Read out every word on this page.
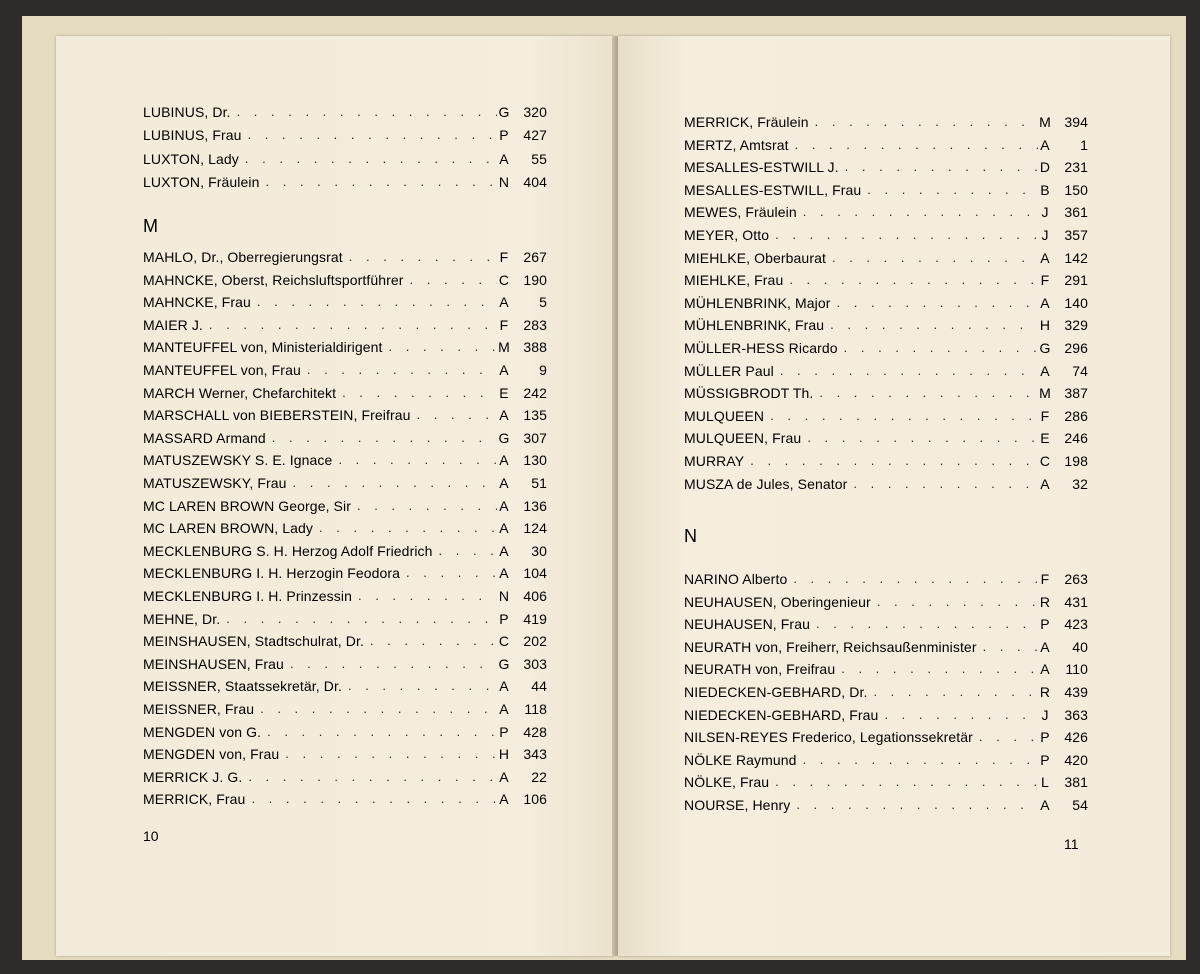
LUBINUS, Dr. . . .	G 320
LUBINUS, Frau . . .	P	427
LUXTON, Lady . . .	A	55
LUXTON, Fräulein . . .	N	404
M
MAHLO, Dr., Oberregierungsrat . . .	F	267
MAHNCKE, Oberst, Reichsluftsportführer . . .	C	190
MAHNCKE, Frau . . .	A	5
MAIER J. . . .	F	283
MANTEUFFEL von, Ministerialdirigent . . .	M 388
MANTEUFFEL von, Frau . . .	A	9
MARCH Werner, Chefarchitekt . . .	E	242
MARSCHALL von BIEBERSTEIN, Freifrau . . .	A	135
MASSARD Armand . . .	G 307
MATUSZEWSKY S. E. Ignace . . .	A	130
MATUSZEWSKY, Frau . . .	A	51
MC LAREN BROWN George, Sir . . .	A	136
MC LAREN BROWN, Lady . . .	A	124
MECKLENBURG S. H. Herzog Adolf Friedrich . . .	A	30
MECKLENBURG I. H. Herzogin Feodora . . .	A	104
MECKLENBURG I. H. Prinzessin . . .	N	406
MEHNE, Dr. . . .	P	419
MEINSHAUSEN, Stadtschulrat, Dr. . . .	C	202
MEINSHAUSEN, Frau . . .	G 303
MEISSNER, Staatssekretär, Dr. . . .	A	44
MEISSNER, Frau . . .	A	118
MENGDEN von G. . . .	P	428
MENGDEN von, Frau . . .	H	343
MERRICK J. G. . . .	A	22
MERRICK, Frau . . .	A	106
10
MERRICK, Fräulein . . .	M 394
MERTZ, Amtsrat . . .	A	1
MESALLES-ESTWILL J. . . .	D	231
MESALLES-ESTWILL, Frau . . .	B	150
MEWES, Fräulein . . .	J	361
MEYER, Otto . . .	J	357
MIEHLKE, Oberbaurat . . .	A	142
MIEHLKE, Frau . . .	F	291
MÜHLENBRINK, Major . . .	A	140
MÜHLENBRINK, Frau . . .	H	329
MÜLLER-HESS Ricardo . . .	G 296
MÜLLER Paul . . .	A	74
MÜSSIGBRODT Th. . . .	M 387
MULQUEEN . . .	F	286
MULQUEEN, Frau . . .	E	246
MURRAY . . .	C	198
MUSZA de Jules, Senator . . .	A	32
N
NARINO Alberto . . .	F	263
NEUHAUSEN, Oberingenieur . . .	R	431
NEUHAUSEN, Frau . . .	P	423
NEURATH von, Freiherr, Reichsaußenminister . . .	A	40
NEURATH von, Freifrau . . .	A	110
NIEDECKEN-GEBHARD, Dr. . . .	R	439
NIEDECKEN-GEBHARD, Frau . . .	J	363
NILSEN-REYES Frederico, Legationssekretär . . .	P	426
NÖLKE Raymund . . .	P	420
NÖLKE, Frau . . .	L	381
NOURSE, Henry . . .	A	54
11
